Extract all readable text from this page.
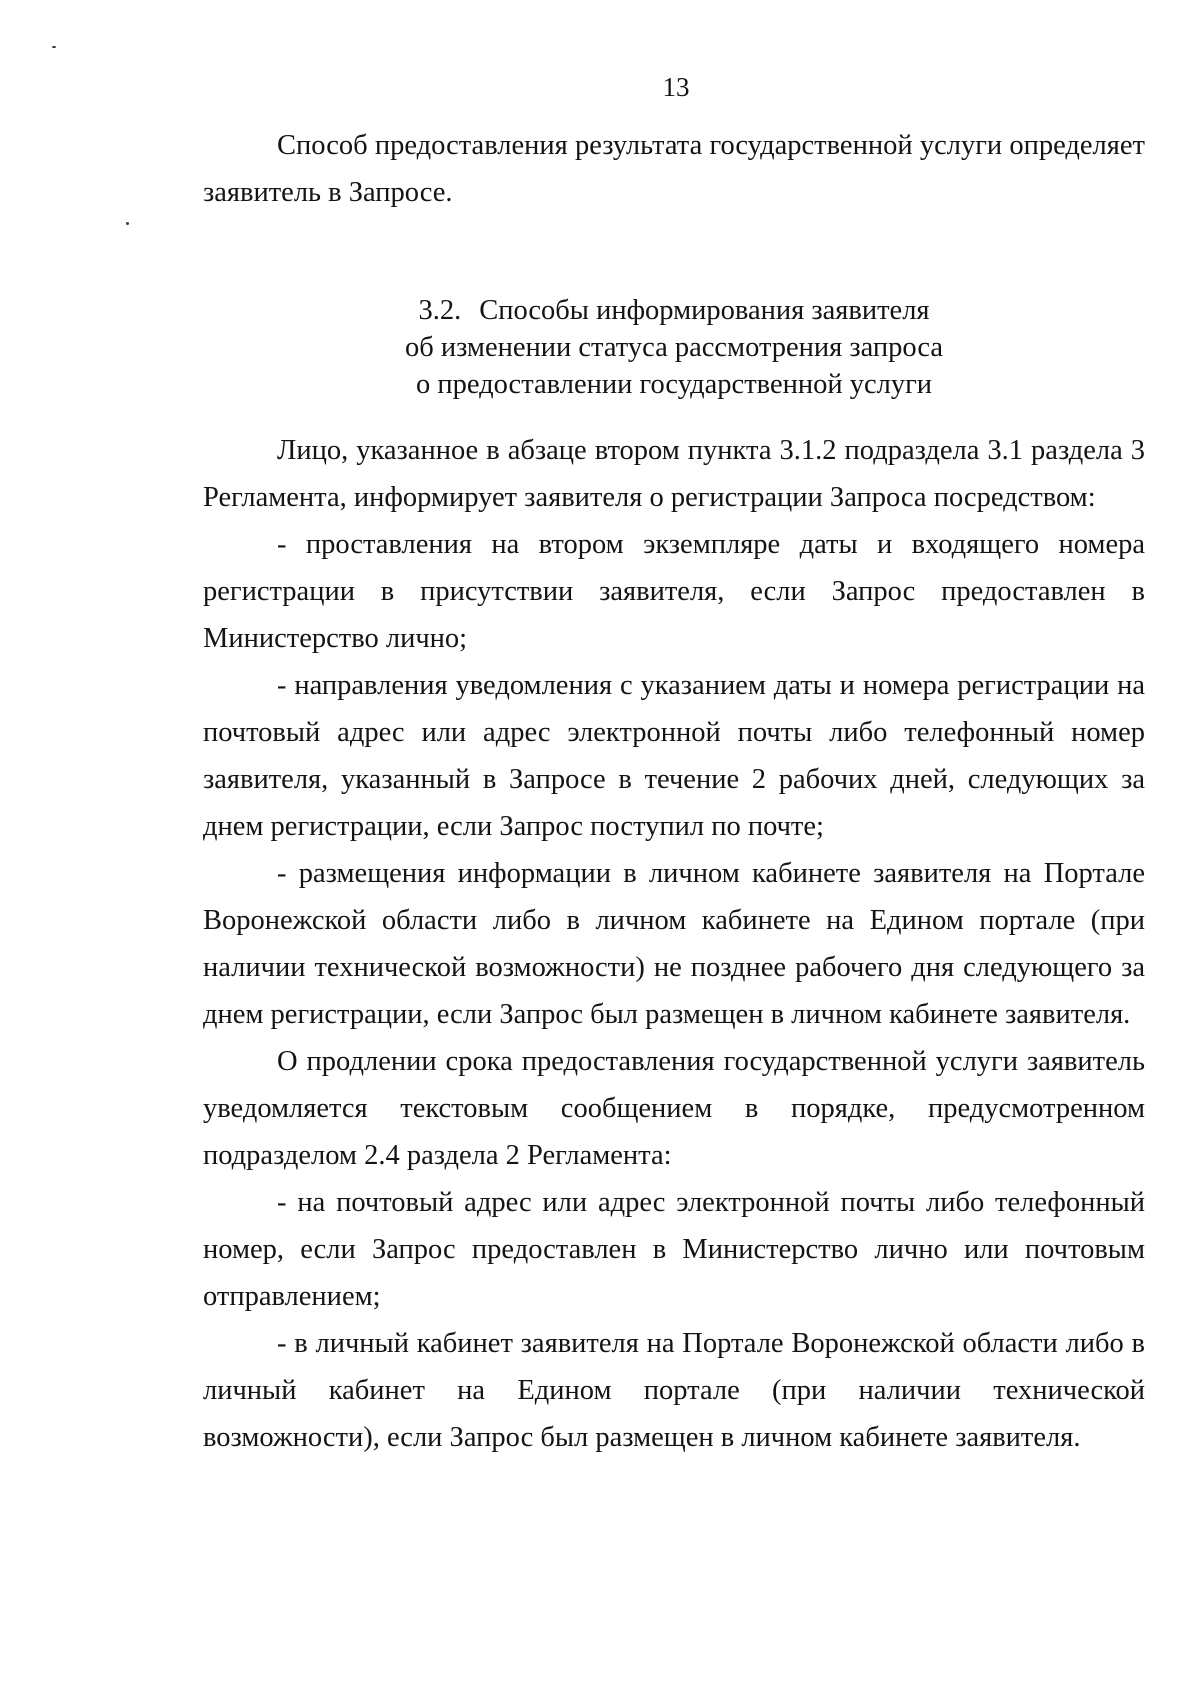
13

Способ предоставления результата государственной услуги определяет заявитель в Запросе.

3.2. Способы информирования заявителя
об изменении статуса рассмотрения запроса
о предоставлении государственной услуги

Лицо, указанное в абзаце втором пункта 3.1.2 подраздела 3.1 раздела 3 Регламента, информирует заявителя о регистрации Запроса посредством:

- проставления на втором экземпляре даты и входящего номера регистрации в присутствии заявителя, если Запрос предоставлен в Министерство лично;

- направления уведомления с указанием даты и номера регистрации на почтовый адрес или адрес электронной почты либо телефонный номер заявителя, указанный в Запросе в течение 2 рабочих дней, следующих за днем регистрации, если Запрос поступил по почте;

- размещения информации в личном кабинете заявителя на Портале Воронежской области либо в личном кабинете на Едином портале (при наличии технической возможности) не позднее рабочего дня следующего за днем регистрации, если Запрос был размещен в личном кабинете заявителя.

О продлении срока предоставления государственной услуги заявитель уведомляется текстовым сообщением в порядке, предусмотренном подразделом 2.4 раздела 2 Регламента:

- на почтовый адрес или адрес электронной почты либо телефонный номер, если Запрос предоставлен в Министерство лично или почтовым отправлением;

- в личный кабинет заявителя на Портале Воронежской области либо в личный кабинет на Едином портале (при наличии технической возможности), если Запрос был размещен в личном кабинете заявителя.
